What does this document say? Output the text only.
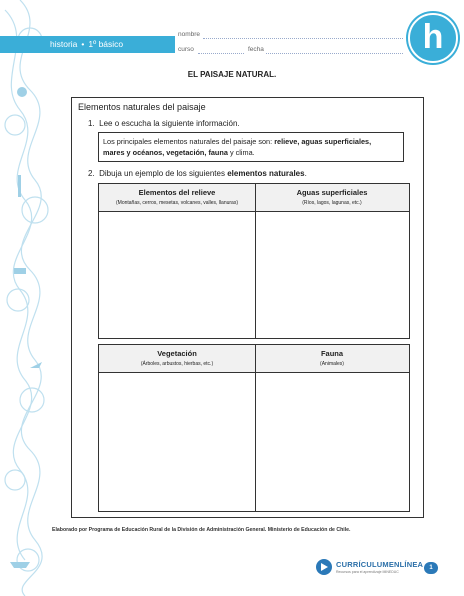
historia • 1º básico
nombre
curso	fecha	h
EL PAISAJE NATURAL.
Elementos naturales del paisaje
1. Lee o escucha la siguiente información.
Los principales elementos naturales del paisaje son: relieve, aguas superficiales,
mares y océanos, vegetación, fauna y clima.
2. Dibuja un ejemplo de los siguientes elementos naturales.
Elementos del relieve
(Montañas, cerros, mesetas, volcanes, valles, llanuras)
Aguas superficiales
(Ríos, lagos, lagunas, etc.)
Vegetación
(Árboles, arbustos, hierbas, etc.)
Fauna
(Animales)
Elaborado por Programa de Educación Rural de la División de Administración General. Ministerio de Educación de Chile.
CURRÍCULUMENLÍNEA
Recursos para el aprendizaje MINEDUC
1
